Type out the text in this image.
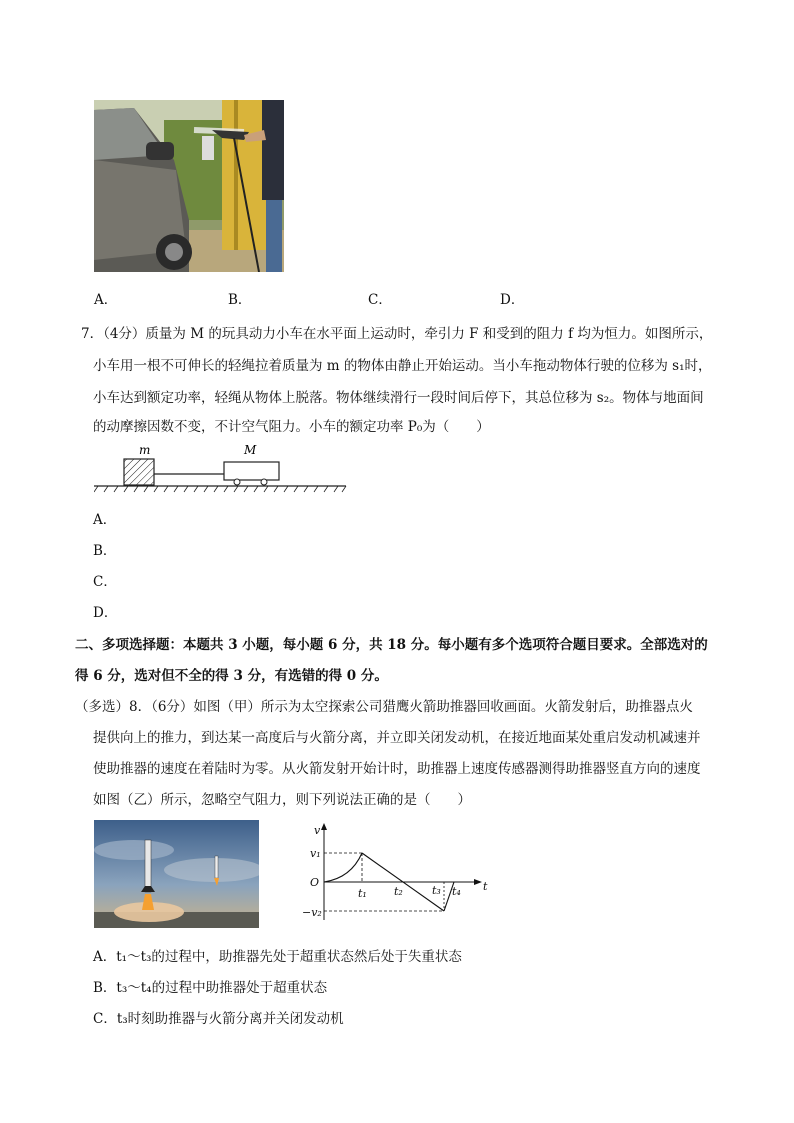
A．	B．	C．	D．
7．（4分）质量为 M 的玩具动力小车在水平面上运动时，牵引力 F 和受到的阻力 f 均为恒力。如图所示，
小车用一根不可伸长的轻绳拉着质量为 m 的物体由静止开始运动。当小车拖动物体行驶的位移为 s₁时，
小车达到额定功率，轻绳从物体上脱落。物体继续滑行一段时间后停下，其总位移为 s₂。物体与地面间
的动摩擦因数不变，不计空气阻力。小车的额定功率 P₀为（　　）
m	M
A．
B．
C．
D．
二、多项选择题：本题共 3 小题，每小题 6 分，共 18 分。每小题有多个选项符合题目要求。全部选对的
得 6 分，选对但不全的得 3 分，有选错的得 0 分。
（多选）8．（6分）如图（甲）所示为太空探索公司猎鹰火箭助推器回收画面。火箭发射后，助推器点火
提供向上的推力，到达某一高度后与火箭分离，并立即关闭发动机，在接近地面某处重启发动机减速并
使助推器的速度在着陆时为零。从火箭发射开始计时，助推器上速度传感器测得助推器竖直方向的速度
如图（乙）所示，忽略空气阻力，则下列说法正确的是（　　）
v
t
O
v₁
−v₂
t₁ t₂	t₃ t₄
A．t₁～t₃的过程中，助推器先处于超重状态然后处于失重状态
B．t₃～t₄的过程中助推器处于超重状态
C．t₃时刻助推器与火箭分离并关闭发动机
